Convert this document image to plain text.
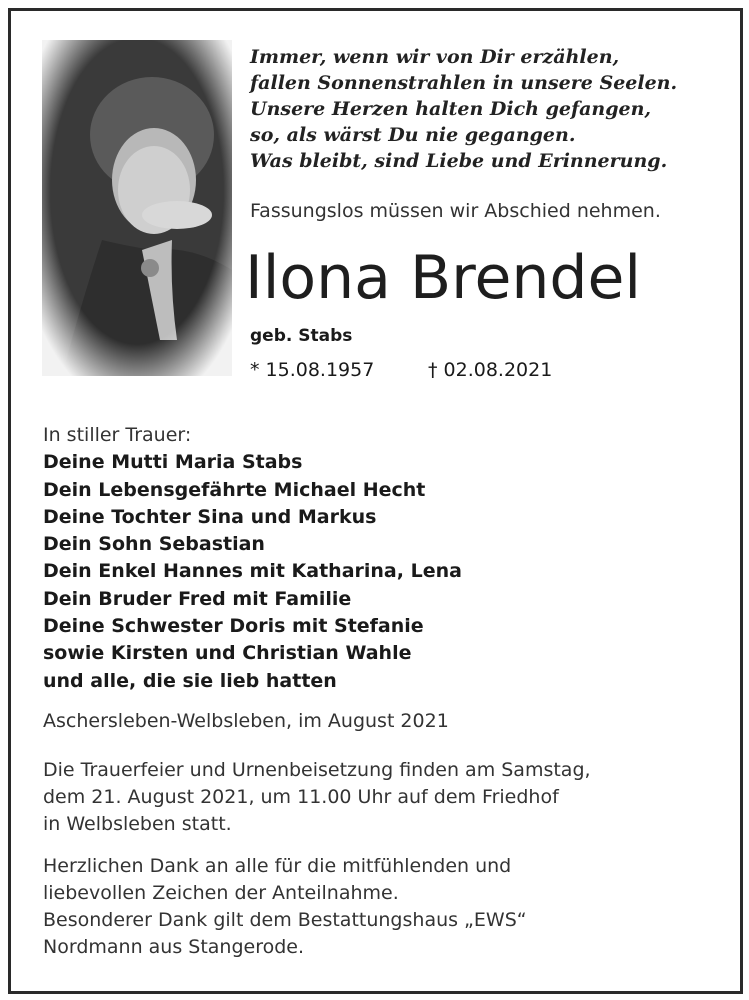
Immer, wenn wir von Dir erzählen,
fallen Sonnenstrahlen in unsere Seelen.
Unsere Herzen halten Dich gefangen,
so, als wärst Du nie gegangen.
Was bleibt, sind Liebe und Erinnerung.
Fassungslos müssen wir Abschied nehmen.
Ilona Brendel
geb. Stabs
* 15.08.1957	† 02.08.2021
In stiller Trauer:
Deine Mutti Maria Stabs
Dein Lebensgefährte Michael Hecht
Deine Tochter Sina und Markus
Dein Sohn Sebastian
Dein Enkel Hannes mit Katharina, Lena
Dein Bruder Fred mit Familie
Deine Schwester Doris mit Stefanie
sowie Kirsten und Christian Wahle
und alle, die sie lieb hatten
Aschersleben-Welbsleben, im August 2021
Die Trauerfeier und Urnenbeisetzung finden am Samstag,
dem 21. August 2021, um 11.00 Uhr auf dem Friedhof
in Welbsleben statt.
Herzlichen Dank an alle für die mitfühlenden und
liebevollen Zeichen der Anteilnahme.
Besonderer Dank gilt dem Bestattungshaus „EWS“
Nordmann aus Stangerode.
